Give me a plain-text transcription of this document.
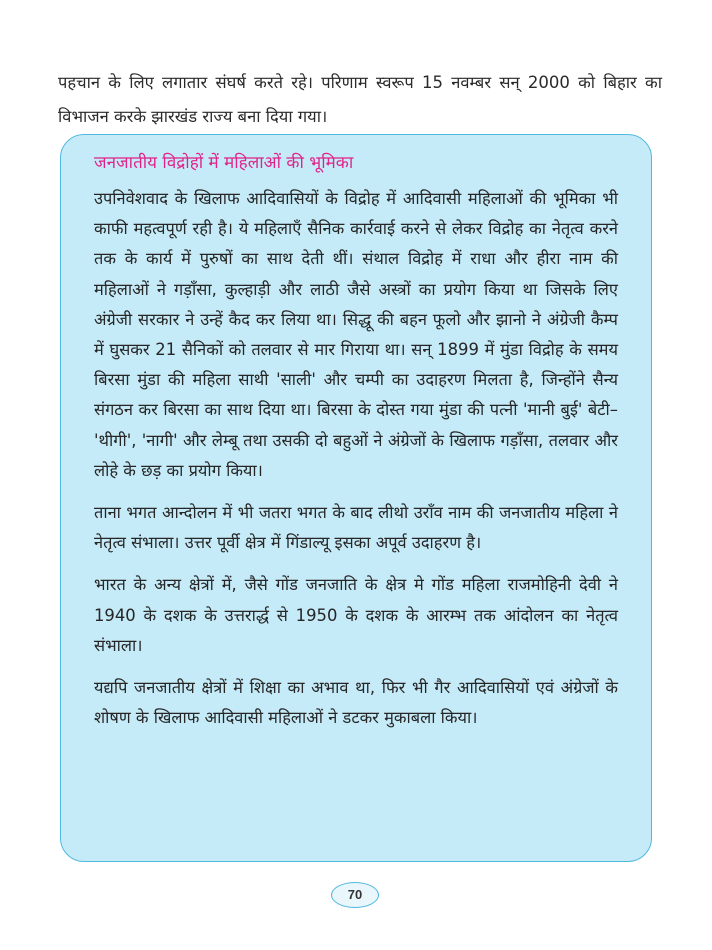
पहचान के लिए लगातार संघर्ष करते रहे। परिणाम स्वरूप 15 नवम्बर सन् 2000 को बिहार का विभाजन करके झारखंड राज्य बना दिया गया।

जनजातीय विद्रोहों में महिलाओं की भूमिका

उपनिवेशवाद के खिलाफ आदिवासियों के विद्रोह में आदिवासी महिलाओं की भूमिका भी काफी महत्वपूर्ण रही है। ये महिलाएँ सैनिक कार्रवाई करने से लेकर विद्रोह का नेतृत्व करने तक के कार्य में पुरुषों का साथ देती थीं। संथाल विद्रोह में राधा और हीरा नाम की महिलाओं ने गड़ाँसा, कुल्हाड़ी और लाठी जैसे अस्त्रों का प्रयोग किया था जिसके लिए अंग्रेजी सरकार ने उन्हें कैद कर लिया था। सिद्धू की बहन फूलो और झानो ने अंग्रेजी कैम्प में घुसकर 21 सैनिकों को तलवार से मार गिराया था। सन् 1899 में मुंडा विद्रोह के समय बिरसा मुंडा की महिला साथी 'साली' और चम्पी का उदाहरण मिलता है, जिन्होंने सैन्य संगठन कर बिरसा का साथ दिया था। बिरसा के दोस्त गया मुंडा की पत्नी 'मानी बुई' बेटी– 'थीगी', 'नागी' और लेम्बू तथा उसकी दो बहुओं ने अंग्रेजों के खिलाफ गड़ाँसा, तलवार और लोहे के छड़ का प्रयोग किया।

ताना भगत आन्दोलन में भी जतरा भगत के बाद लीथो उराँव नाम की जनजातीय महिला ने नेतृत्व संभाला। उत्तर पूर्वी क्षेत्र में गिंडाल्यू इसका अपूर्व उदाहरण है।

भारत के अन्य क्षेत्रों में, जैसे गोंड जनजाति के क्षेत्र मे गोंड महिला राजमोहिनी देवी ने 1940 के दशक के उत्तरार्द्ध से 1950 के दशक के आरम्भ तक आंदोलन का नेतृत्व संभाला।

यद्यपि जनजातीय क्षेत्रों में शिक्षा का अभाव था, फिर भी गैर आदिवासियों एवं अंग्रेजों के शोषण के खिलाफ आदिवासी महिलाओं ने डटकर मुकाबला किया।

70
